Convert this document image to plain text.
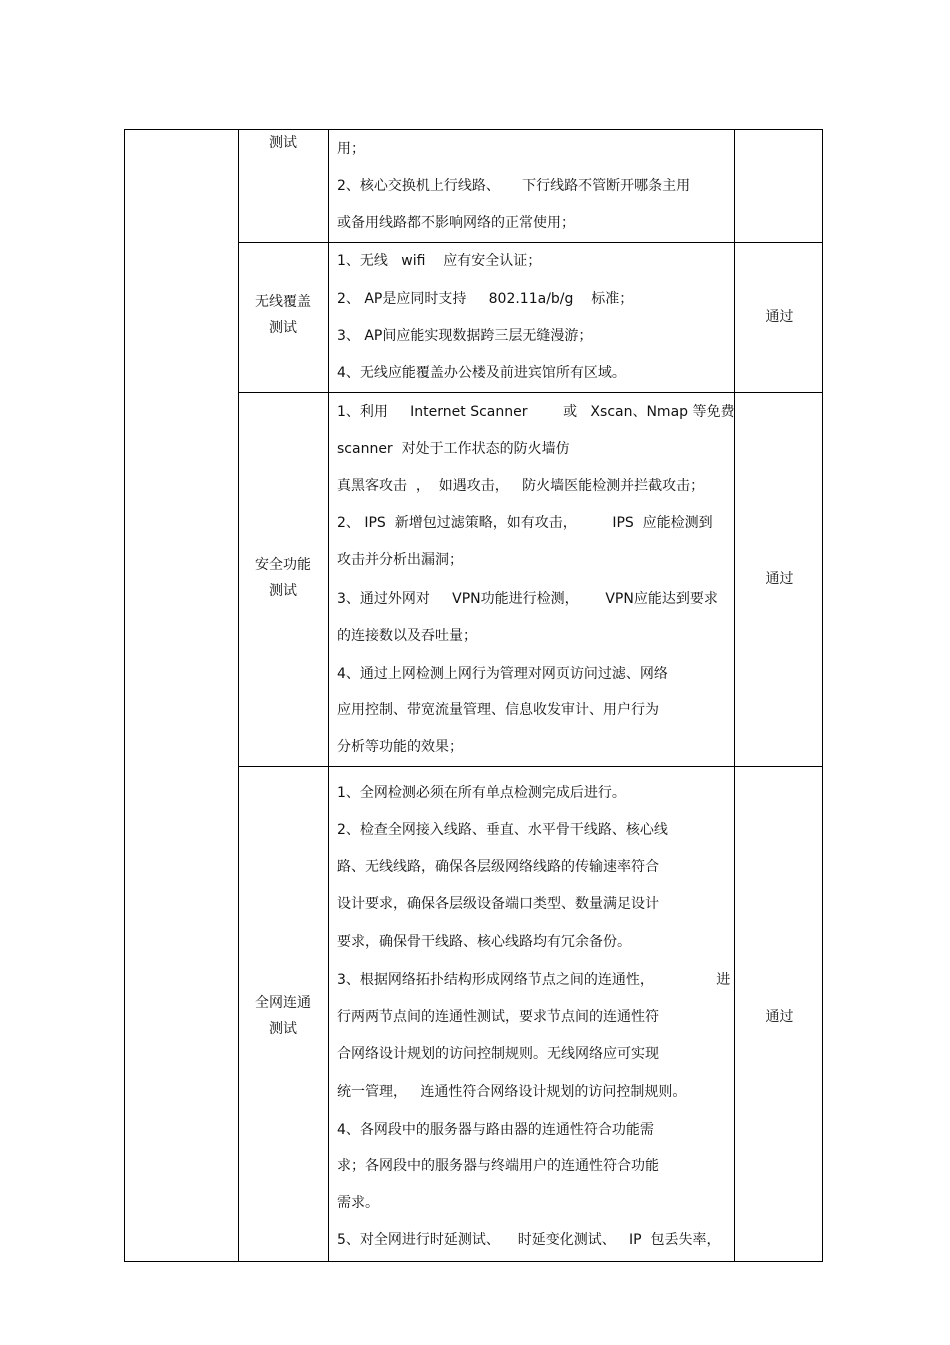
测试	用；
2、核心交换机上行线路、     下行线路不管断开哪条主用
或备用线路都不影响网络的正常使用；
无线覆盖
测试
1、无线   wifi    应有安全认证；
2、 AP是应同时支持     802.11a/b/g    标准；
3、 AP间应能实现数据跨三层无缝漫游；
4、无线应能覆盖办公楼及前进宾馆所有区域。
通过
安全功能
测试
1、利用     Internet Scanner        或   Xscan、Nmap 等免费
scanner  对处于工作状态的防火墙仿
真黑客攻击  ，  如遇攻击，   防火墙医能检测并拦截攻击；
2、 IPS  新增包过滤策略，如有攻击，        IPS  应能检测到
攻击并分析出漏洞；
3、通过外网对     VPN功能进行检测，      VPN应能达到要求
的连接数以及吞吐量；
4、通过上网检测上网行为管理对网页访问过滤、网络
应用控制、带宽流量管理、信息收发审计、用户行为
分析等功能的效果；
通过
全网连通
测试
1、全网检测必须在所有单点检测完成后进行。
2、检查全网接入线路、垂直、水平骨干线路、核心线
路、无线线路，确保各层级网络线路的传输速率符合
设计要求，确保各层级设备端口类型、数量满足设计
要求，确保骨干线路、核心线路均有冗余备份。
3、根据网络拓扑结构形成网络节点之间的连通性，              进
行两两节点间的连通性测试，要求节点间的连通性符
合网络设计规划的访问控制规则。无线网络应可实现
统一管理，   连通性符合网络设计规划的访问控制规则。
4、各网段中的服务器与路由器的连通性符合功能需
求；各网段中的服务器与终端用户的连通性符合功能
需求。
5、对全网进行时延测试、    时延变化测试、   IP  包丢失率，
通过
